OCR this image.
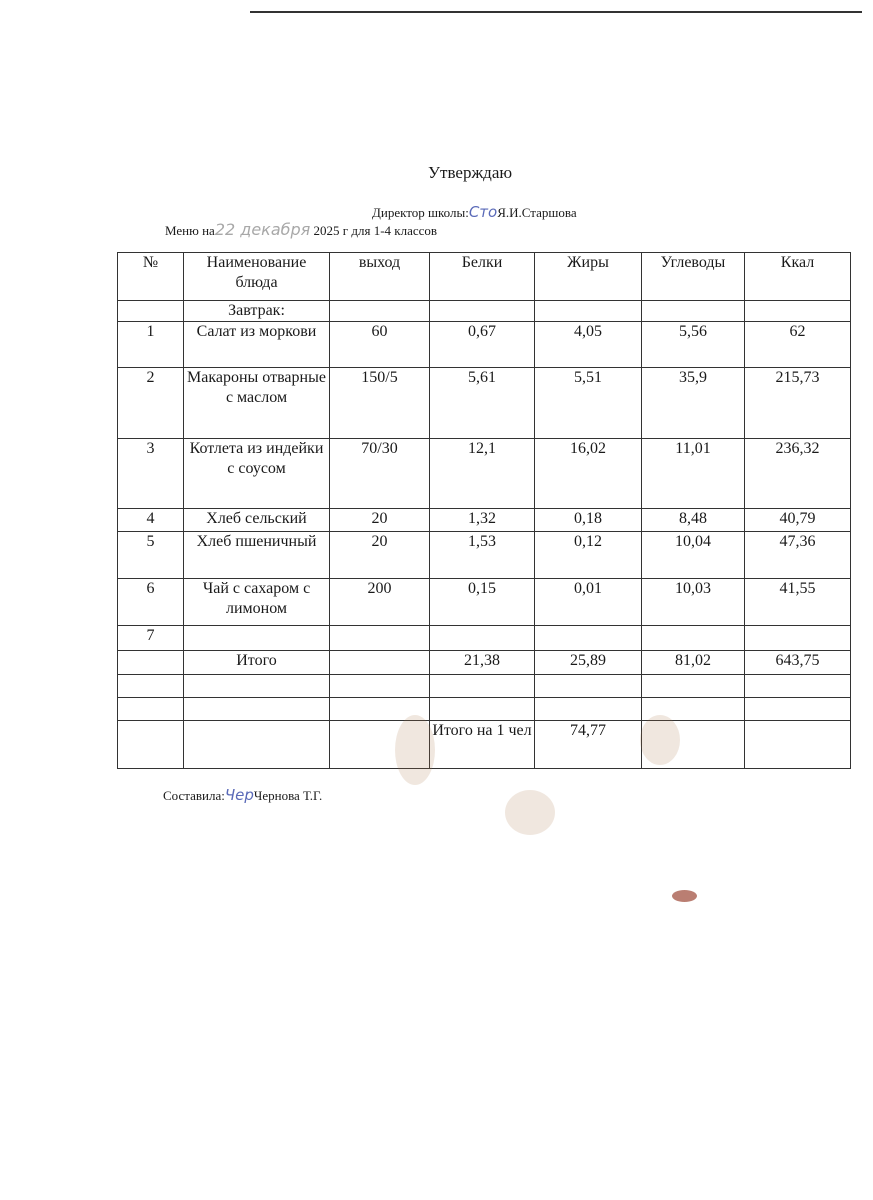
Утверждаю
Директор школы:СтоЯ.И.Старшова
Меню на22 декабря 2025 г для 1-4 классов
№	Наименование блюда	выход	Белки	Жиры	Углеводы	Ккал
	Завтрак:					
1	Салат из моркови	60	0,67	4,05	5,56	62
2	Макароны отварные с маслом	150/5	5,61	5,51	35,9	215,73
3	Котлета из индейки с соусом	70/30	12,1	16,02	11,01	236,32
4	Хлеб сельский	20	1,32	0,18	8,48	40,79
5	Хлеб пшеничный	20	1,53	0,12	10,04	47,36
6	Чай с сахаром с лимоном	200	0,15	0,01	10,03	41,55
7						
	Итого		21,38	25,89	81,02	643,75

			Итого на 1 чел	74,77		
Составила:ЧерЧернова Т.Г.
